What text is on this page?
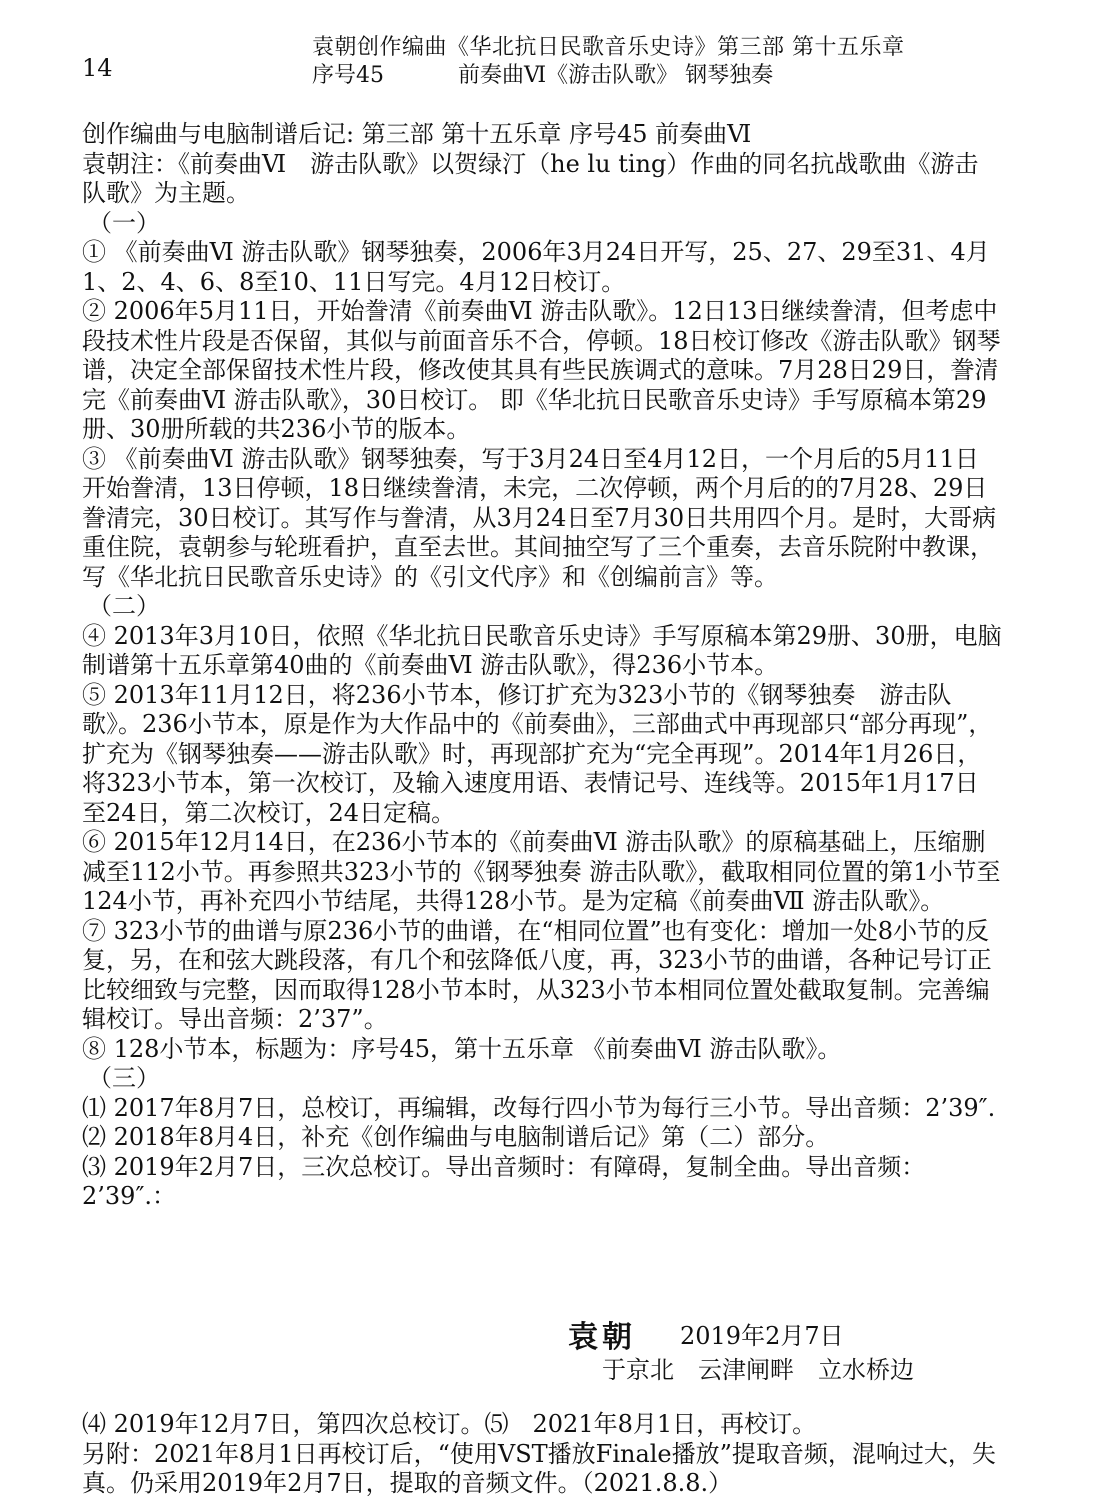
14
袁朝创作编曲《华北抗日民歌音乐史诗》第三部 第十五乐章
序号45	前奏曲Ⅵ《游击队歌》 钢琴独奏

创作编曲与电脑制谱后记: 第三部 第十五乐章 序号45 前奏曲Ⅵ

袁朝注：《前奏曲Ⅵ　游击队歌》以贺绿汀（he lu ting）作曲的同名抗战歌曲《游击队歌》为主题。

（一）

① 《前奏曲Ⅵ 游击队歌》钢琴独奏，2006年3月24日开写，25、27、29至31、4月1、2、4、6、8至10、11日写完。4月12日校订。

② 2006年5月11日，开始誊清《前奏曲Ⅵ 游击队歌》。12日13日继续誊清，但考虑中段技术性片段是否保留，其似与前面音乐不合，停顿。18日校订修改《游击队歌》钢琴谱，决定全部保留技术性片段，修改使其具有些民族调式的意味。7月28日29日，誊清完《前奏曲Ⅵ 游击队歌》，30日校订。 即《华北抗日民歌音乐史诗》手写原稿本第29册、30册所载的共236小节的版本。

③ 《前奏曲Ⅵ 游击队歌》钢琴独奏，写于3月24日至4月12日，一个月后的5月11日开始誊清，13日停顿，18日继续誊清，未完，二次停顿，两个月后的的7月28、29日誊清完，30日校订。其写作与誊清，从3月24日至7月30日共用四个月。是时，大哥病重住院，袁朝参与轮班看护，直至去世。其间抽空写了三个重奏，去音乐院附中教课，写《华北抗日民歌音乐史诗》的《引文代序》和《创编前言》等。

（二）

④ 2013年3月10日，依照《华北抗日民歌音乐史诗》手写原稿本第29册、30册，电脑制谱第十五乐章第40曲的《前奏曲Ⅵ 游击队歌》，得236小节本。

⑤ 2013年11月12日，将236小节本，修订扩充为323小节的《钢琴独奏　游击队歌》。236小节本，原是作为大作品中的《前奏曲》，三部曲式中再现部只“部分再现”，扩充为《钢琴独奏——游击队歌》时，再现部扩充为“完全再现”。2014年1月26日，将323小节本，第一次校订，及输入速度用语、表情记号、连线等。2015年1月17日至24日，第二次校订，24日定稿。

⑥ 2015年12月14日，在236小节本的《前奏曲Ⅵ 游击队歌》的原稿基础上，压缩删减至112小节。再参照共323小节的《钢琴独奏 游击队歌》，截取相同位置的第1小节至124小节，再补充四小节结尾，共得128小节。是为定稿《前奏曲Ⅶ 游击队歌》。

⑦ 323小节的曲谱与原236小节的曲谱，在“相同位置”也有变化：增加一处8小节的反复，另，在和弦大跳段落，有几个和弦降低八度，再，323小节的曲谱，各种记号订正比较细致与完整，因而取得128小节本时，从323小节本相同位置处截取复制。完善编辑校订。导出音频：2’37”。

⑧ 128小节本，标题为：序号45，第十五乐章 《前奏曲Ⅵ 游击队歌》。

（三）

⑴ 2017年8月7日，总校订，再编辑，改每行四小节为每行三小节。导出音频：2’39″.

⑵ 2018年8月4日，补充《创作编曲与电脑制谱后记》第（二）部分。

⑶ 2019年2月7日，三次总校订。导出音频时：有障碍，复制全曲。导出音频：2’39″.：

袁朝 2019年2月7日
于京北　云津闸畔　立水桥边

⑷ 2019年12月7日，第四次总校订。⑸　2021年8月1日，再校订。

另附：2021年8月1日再校订后，“使用VST播放Finale播放”提取音频，混响过大，失真。仍采用2019年2月7日，提取的音频文件。（2021.8.8.）
